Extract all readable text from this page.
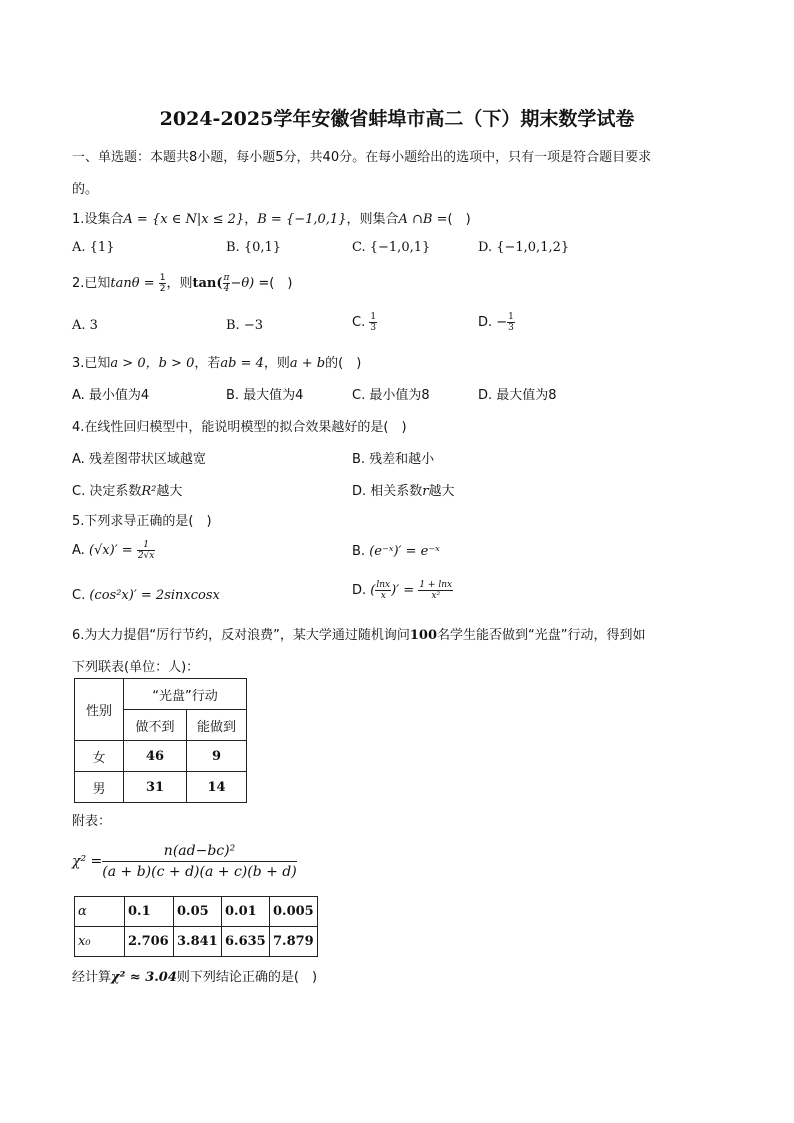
2024-2025学年安徽省蚌埠市高二（下）期末数学试卷
一、单选题：本题共8小题，每小题5分，共40分。在每小题给出的选项中，只有一项是符合题目要求
的。
1.设集合A = {x ∈ N|x ≤ 2}，B = {−1,0,1}，则集合A ∩B =(　)
A. {1}	B. {0,1}	C. {−1,0,1}	D. {−1,0,1,2}
2.已知$\tan\theta = \frac{1}{2}$ ，则$\tan( \frac{\pi}{4} -\theta)$ =(　)
A. 3	B. −3	C. $\frac{1}{3}$	D. − $\frac{1}{3}$
3.已知a > 0，b > 0，若ab = 4，则a + b的(　)
A. 最小值为4	B. 最大值为4	C. 最小值为8	D. 最大值为8
4.在线性回归模型中，能说明模型的拟合效果越好的是(　)
A. 残差图带状区域越宽	B. 残差和越小
C. 决定系数R²越大	D. 相关系数r越大
5.下列求导正确的是(　)
A. $(√x)' = \frac{1}{2√x}$	B. (e⁻ˣ)′ = e⁻ˣ
C. (cos²x)′ = 2sinxcosx	D. ( $\frac{\ln x}{x}$ )′ = $\frac{1 + \ln x}{\text{x²}}$
6.为大力提倡“厉行节约，反对浪费”，某大学通过随机询问100名学生能否做到“光盘”行动，得到如
下列联表(单位：人)：
性别	“光盘”行动	
	做不到	能做到
女	46	9
男	31	14
附表：
$\chi^2 = \frac{\text{n(ad−bc)²}}{(a + b)(c + d)(a + c)(b + d)}$
α	0.1	0.05	0.01	0.005
x₀	2.706	3.841	6.635	7.879
经计算χ² ≈ 3.04则下列结论正确的是(　)
